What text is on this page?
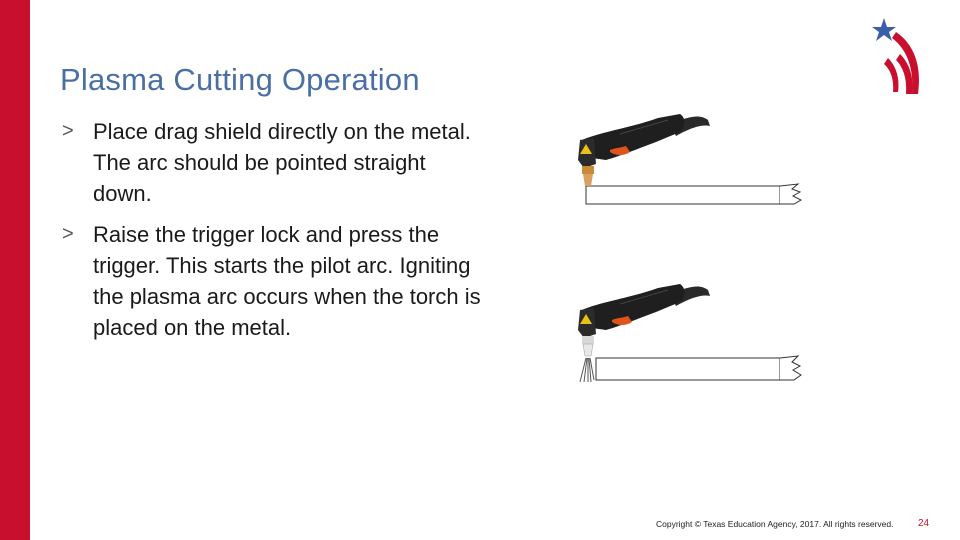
Plasma Cutting Operation
> Place drag shield directly on the metal. The arc should be pointed straight down.
> Raise the trigger lock and press the trigger. This starts the pilot arc. Igniting the plasma arc occurs when the torch is placed on the metal.
Copyright © Texas Education Agency, 2017. All rights reserved. 24
